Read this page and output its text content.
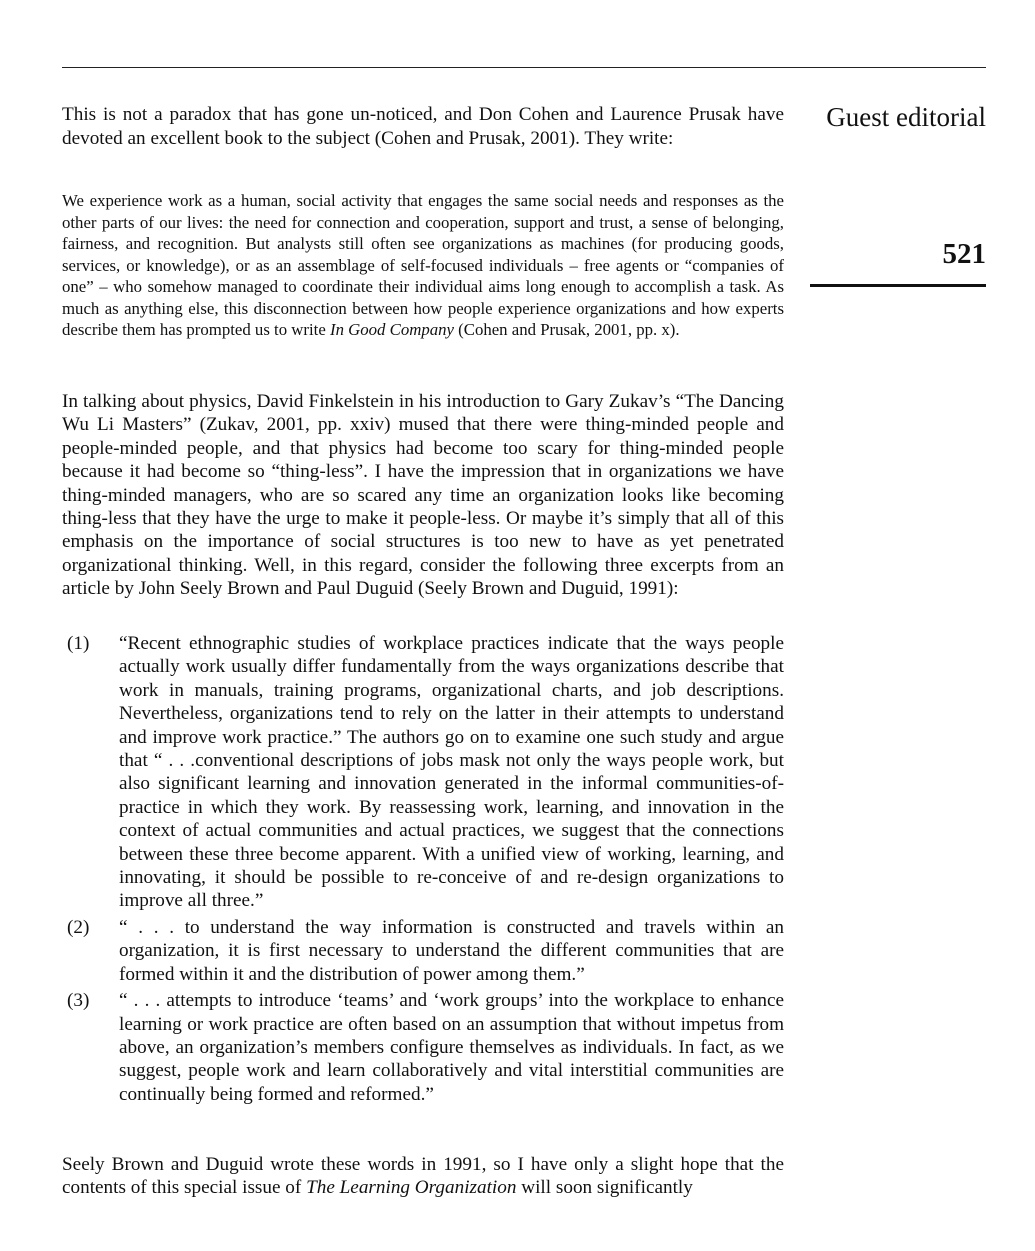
Guest editorial
521

This is not a paradox that has gone un-noticed, and Don Cohen and Laurence Prusak have devoted an excellent book to the subject (Cohen and Prusak, 2001). They write:

We experience work as a human, social activity that engages the same social needs and responses as the other parts of our lives: the need for connection and cooperation, support and trust, a sense of belonging, fairness, and recognition. But analysts still often see organizations as machines (for producing goods, services, or knowledge), or as an assemblage of self-focused individuals – free agents or “companies of one” – who somehow managed to coordinate their individual aims long enough to accomplish a task. As much as anything else, this disconnection between how people experience organizations and how experts describe them has prompted us to write In Good Company (Cohen and Prusak, 2001, pp. x).

In talking about physics, David Finkelstein in his introduction to Gary Zukav’s “The Dancing Wu Li Masters” (Zukav, 2001, pp. xxiv) mused that there were thing-minded people and people-minded people, and that physics had become too scary for thing-minded people because it had become so “thing-less”. I have the impression that in organizations we have thing-minded managers, who are so scared any time an organization looks like becoming thing-less that they have the urge to make it people-less. Or maybe it’s simply that all of this emphasis on the importance of social structures is too new to have as yet penetrated organizational thinking. Well, in this regard, consider the following three excerpts from an article by John Seely Brown and Paul Duguid (Seely Brown and Duguid, 1991):

(1) “Recent ethnographic studies of workplace practices indicate that the ways people actually work usually differ fundamentally from the ways organizations describe that work in manuals, training programs, organizational charts, and job descriptions. Nevertheless, organizations tend to rely on the latter in their attempts to understand and improve work practice.” The authors go on to examine one such study and argue that “ . . .conventional descriptions of jobs mask not only the ways people work, but also significant learning and innovation generated in the informal communities-of-practice in which they work. By reassessing work, learning, and innovation in the context of actual communities and actual practices, we suggest that the connections between these three become apparent. With a unified view of working, learning, and innovating, it should be possible to re-conceive of and re-design organizations to improve all three.”
(2) “ . . . to understand the way information is constructed and travels within an organization, it is first necessary to understand the different communities that are formed within it and the distribution of power among them.”
(3) “ . . . attempts to introduce ‘teams’ and ‘work groups’ into the workplace to enhance learning or work practice are often based on an assumption that without impetus from above, an organization’s members configure themselves as individuals. In fact, as we suggest, people work and learn collaboratively and vital interstitial communities are continually being formed and reformed.”

Seely Brown and Duguid wrote these words in 1991, so I have only a slight hope that the contents of this special issue of The Learning Organization will soon significantly
